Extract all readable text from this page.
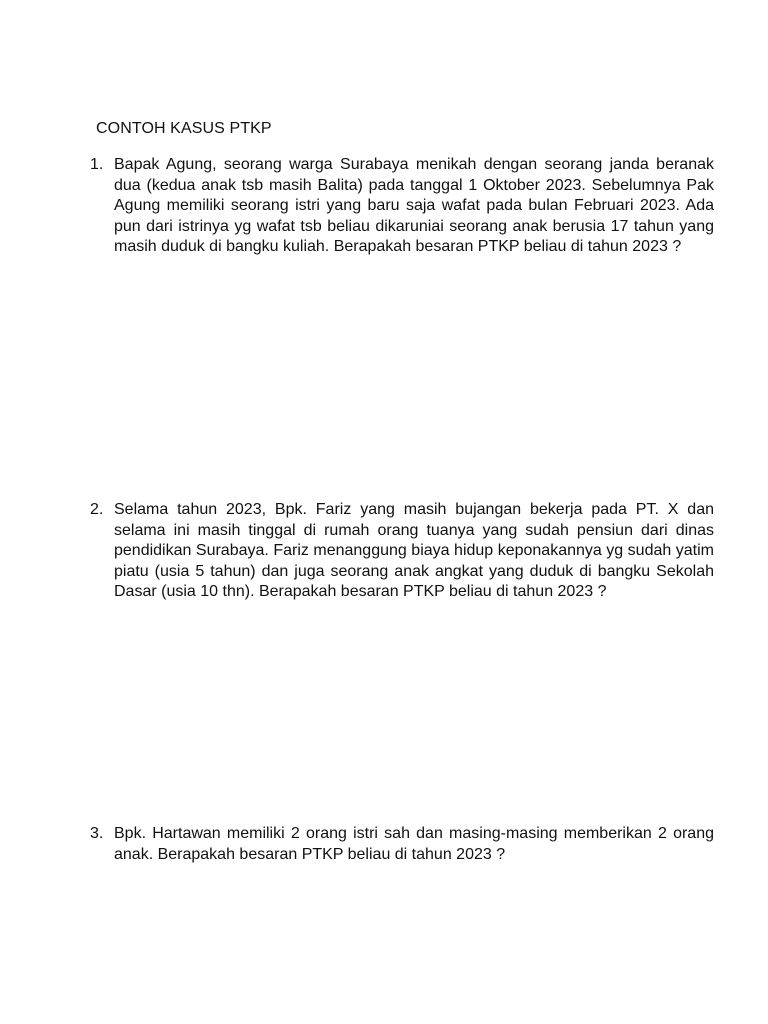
CONTOH KASUS PTKP
1. Bapak Agung, seorang warga Surabaya menikah dengan seorang janda beranak dua (kedua anak tsb masih Balita) pada tanggal 1 Oktober 2023. Sebelumnya Pak Agung memiliki seorang istri yang baru saja wafat pada bulan Februari 2023. Ada pun dari istrinya yg wafat tsb beliau dikaruniai seorang anak berusia 17 tahun yang masih duduk di bangku kuliah. Berapakah besaran PTKP beliau di tahun 2023 ?
2. Selama tahun 2023, Bpk. Fariz yang masih bujangan bekerja pada PT. X dan selama ini masih tinggal di rumah orang tuanya yang sudah pensiun dari dinas pendidikan Surabaya. Fariz menanggung biaya hidup keponakannya yg sudah yatim piatu (usia 5 tahun) dan juga seorang anak angkat yang duduk di bangku Sekolah Dasar (usia 10 thn). Berapakah besaran PTKP beliau di tahun 2023 ?
3. Bpk. Hartawan memiliki 2 orang istri sah dan masing-masing memberikan 2 orang anak. Berapakah besaran PTKP beliau di tahun 2023 ?
